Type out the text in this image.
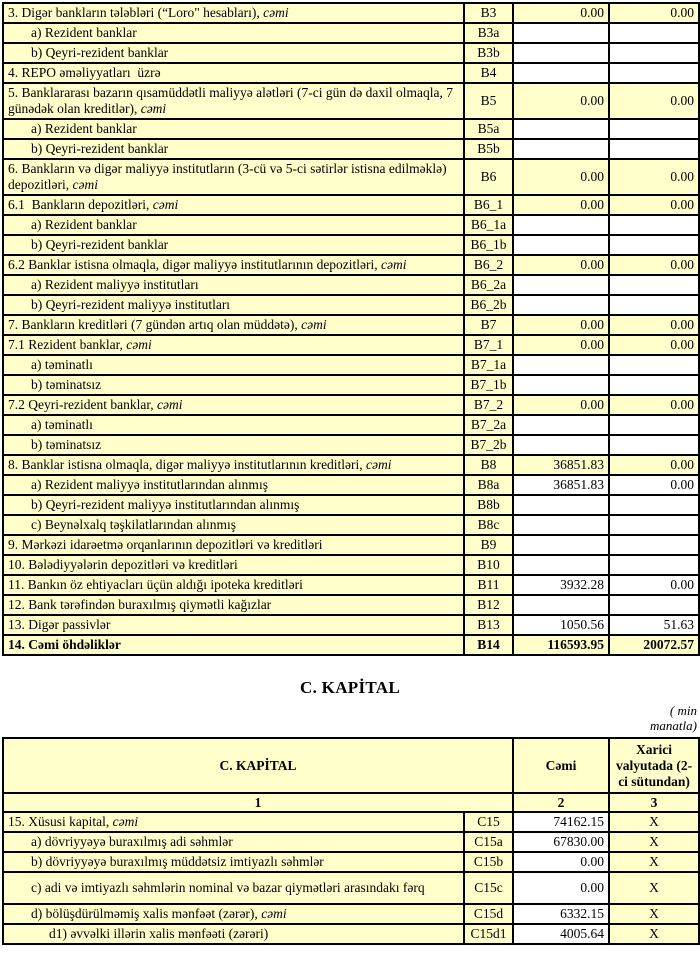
3. Digər bankların tələbləri (“Loro" hesabları), cəmi	B3	0.00	0.00
a) Rezident banklar	B3a		
b) Qeyri-rezident banklar	B3b		
4. REPO əməliyyatları  üzrə	B4		
5. Banklararası bazarın qısamüddətli maliyyə alətləri (7-ci gün də daxil olmaqla, 7 günədək olan kreditlər), cəmi	B5	0.00	0.00
a) Rezident banklar	B5a		
b) Qeyri-rezident banklar	B5b		
6. Bankların və digər maliyyə institutların (3-cü və 5-ci sətirlər istisna edilməklə) depozitləri, cəmi	B6	0.00	0.00
6.1  Bankların depozitləri, cəmi	B6_1	0.00	0.00
a) Rezident banklar	B6_1a		
b) Qeyri-rezident banklar	B6_1b		
6.2 Banklar istisna olmaqla, digər maliyyə institutlarının depozitləri, cəmi	B6_2	0.00	0.00
a) Rezident maliyyə institutları	B6_2a		
b) Qeyri-rezident maliyyə institutları	B6_2b		
7. Bankların kreditləri (7 gündən artıq olan müddətə), cəmi	B7	0.00	0.00
7.1 Rezident banklar, cəmi	B7_1	0.00	0.00
a) təminatlı	B7_1a		
b) təminatsız	B7_1b		
7.2 Qeyri-rezident banklar, cəmi	B7_2	0.00	0.00
a) təminatlı	B7_2a		
b) təminatsız	B7_2b		
8. Banklar istisna olmaqla, digər maliyyə institutlarının kreditləri, cəmi	B8	36851.83	0.00
a) Rezident maliyyə institutlarından alınmış	B8a	36851.83	0.00
b) Qeyri-rezident maliyyə institutlarından alınmış	B8b		
c) Beynəlxalq təşkilatlarından alınmış	B8c		
9. Mərkəzi idarəetmə orqanlarının depozitləri və kreditləri	B9		
10. Bələdiyyələrin depozitləri və kreditləri	B10		
11. Bankın öz ehtiyacları üçün aldığı ipoteka kreditləri	B11	3932.28	0.00
12. Bank tərəfindən buraxılmış qiymətli kağızlar	B12		
13. Digər passivlər	B13	1050.56	51.63
14. Cəmi öhdəliklər	B14	116593.95	20072.57
C. KAPİTAL
( min
manatla)
C. KAPİTAL		Cəmi	Xarici valyutada (2-ci sütundan)
1		2	3
15. Xüsusi kapital, cəmi	C15	74162.15	X
a) dövriyyəyə buraxılmış adi səhmlər	C15a	67830.00	X
b) dövriyyəyə buraxılmış müddətsiz imtiyazlı səhmlər	C15b	0.00	X
c) adi və imtiyazlı səhmlərin nominal və bazar qiymətləri arasındakı fərq	C15c	0.00	X
d) bölüşdürülməmiş xalis mənfəət (zərər), cəmi	C15d	6332.15	X
d1) əvvəlki illərin xalis mənfəəti (zərəri)	C15d1	4005.64	X
